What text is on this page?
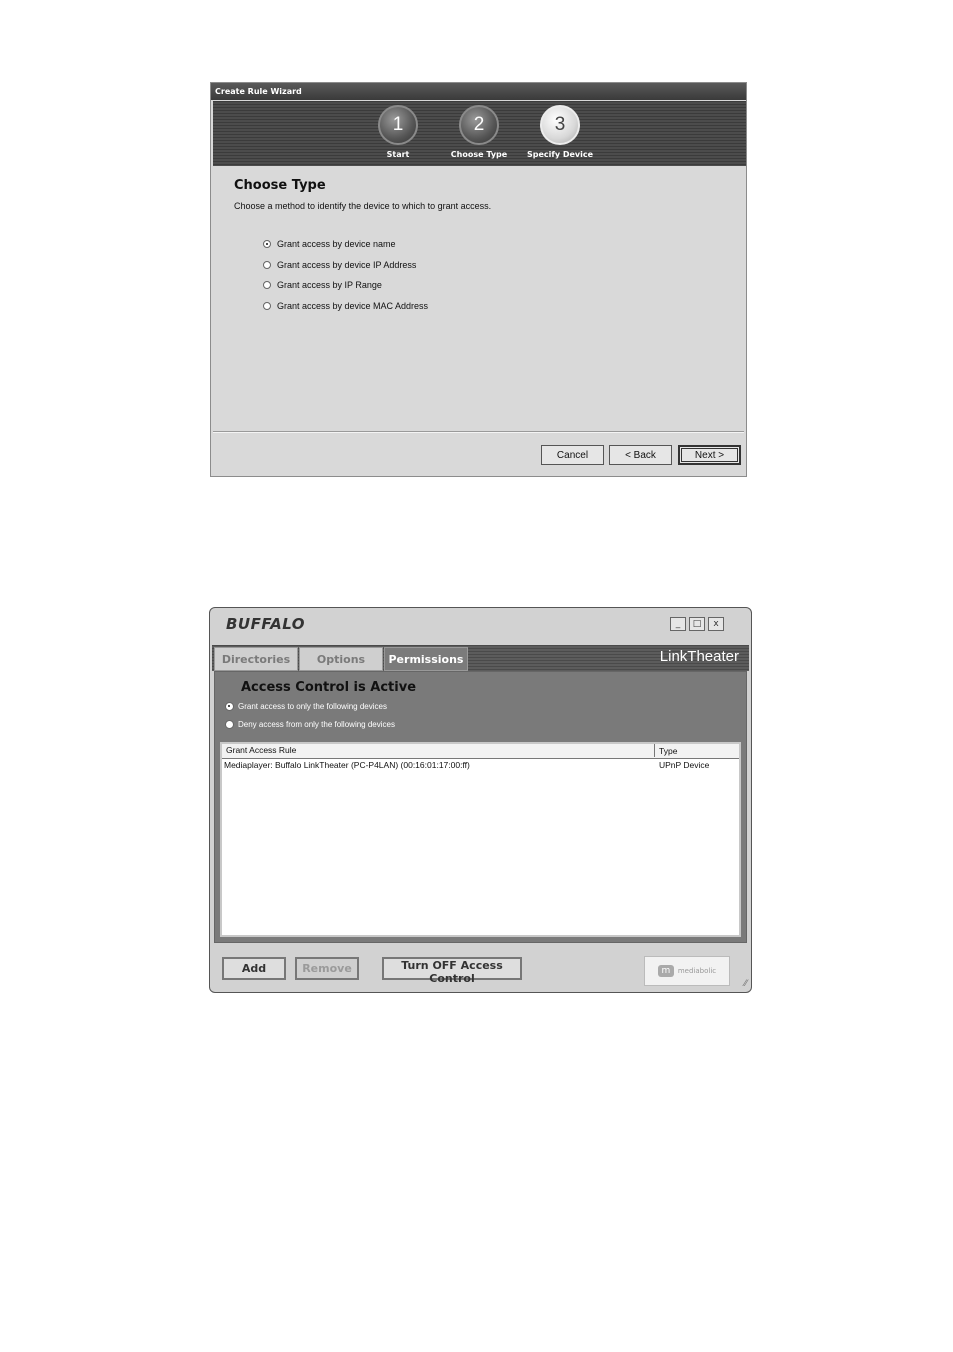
Create Rule Wizard
1
Start
2
Choose Type
3
Specify Device
Choose Type
Choose a method to identify the device to which to grant access.
Grant access by device name
Grant access by device IP Address
Grant access by IP Range
Grant access by device MAC Address
Cancel	< Back	Next >
BUFFALO	_	□	x
Directories	Options	Permissions	LinkTheater
Access Control is Active
Grant access to only the following devices
Deny access from only the following devices
Grant Access Rule	Type
Mediaplayer: Buffalo LinkTheater (PC-P4LAN) (00:16:01:17:00:ff)	UPnP Device
Add	Remove	Turn OFF Access Control
m	mediabolic
⁄⁄
